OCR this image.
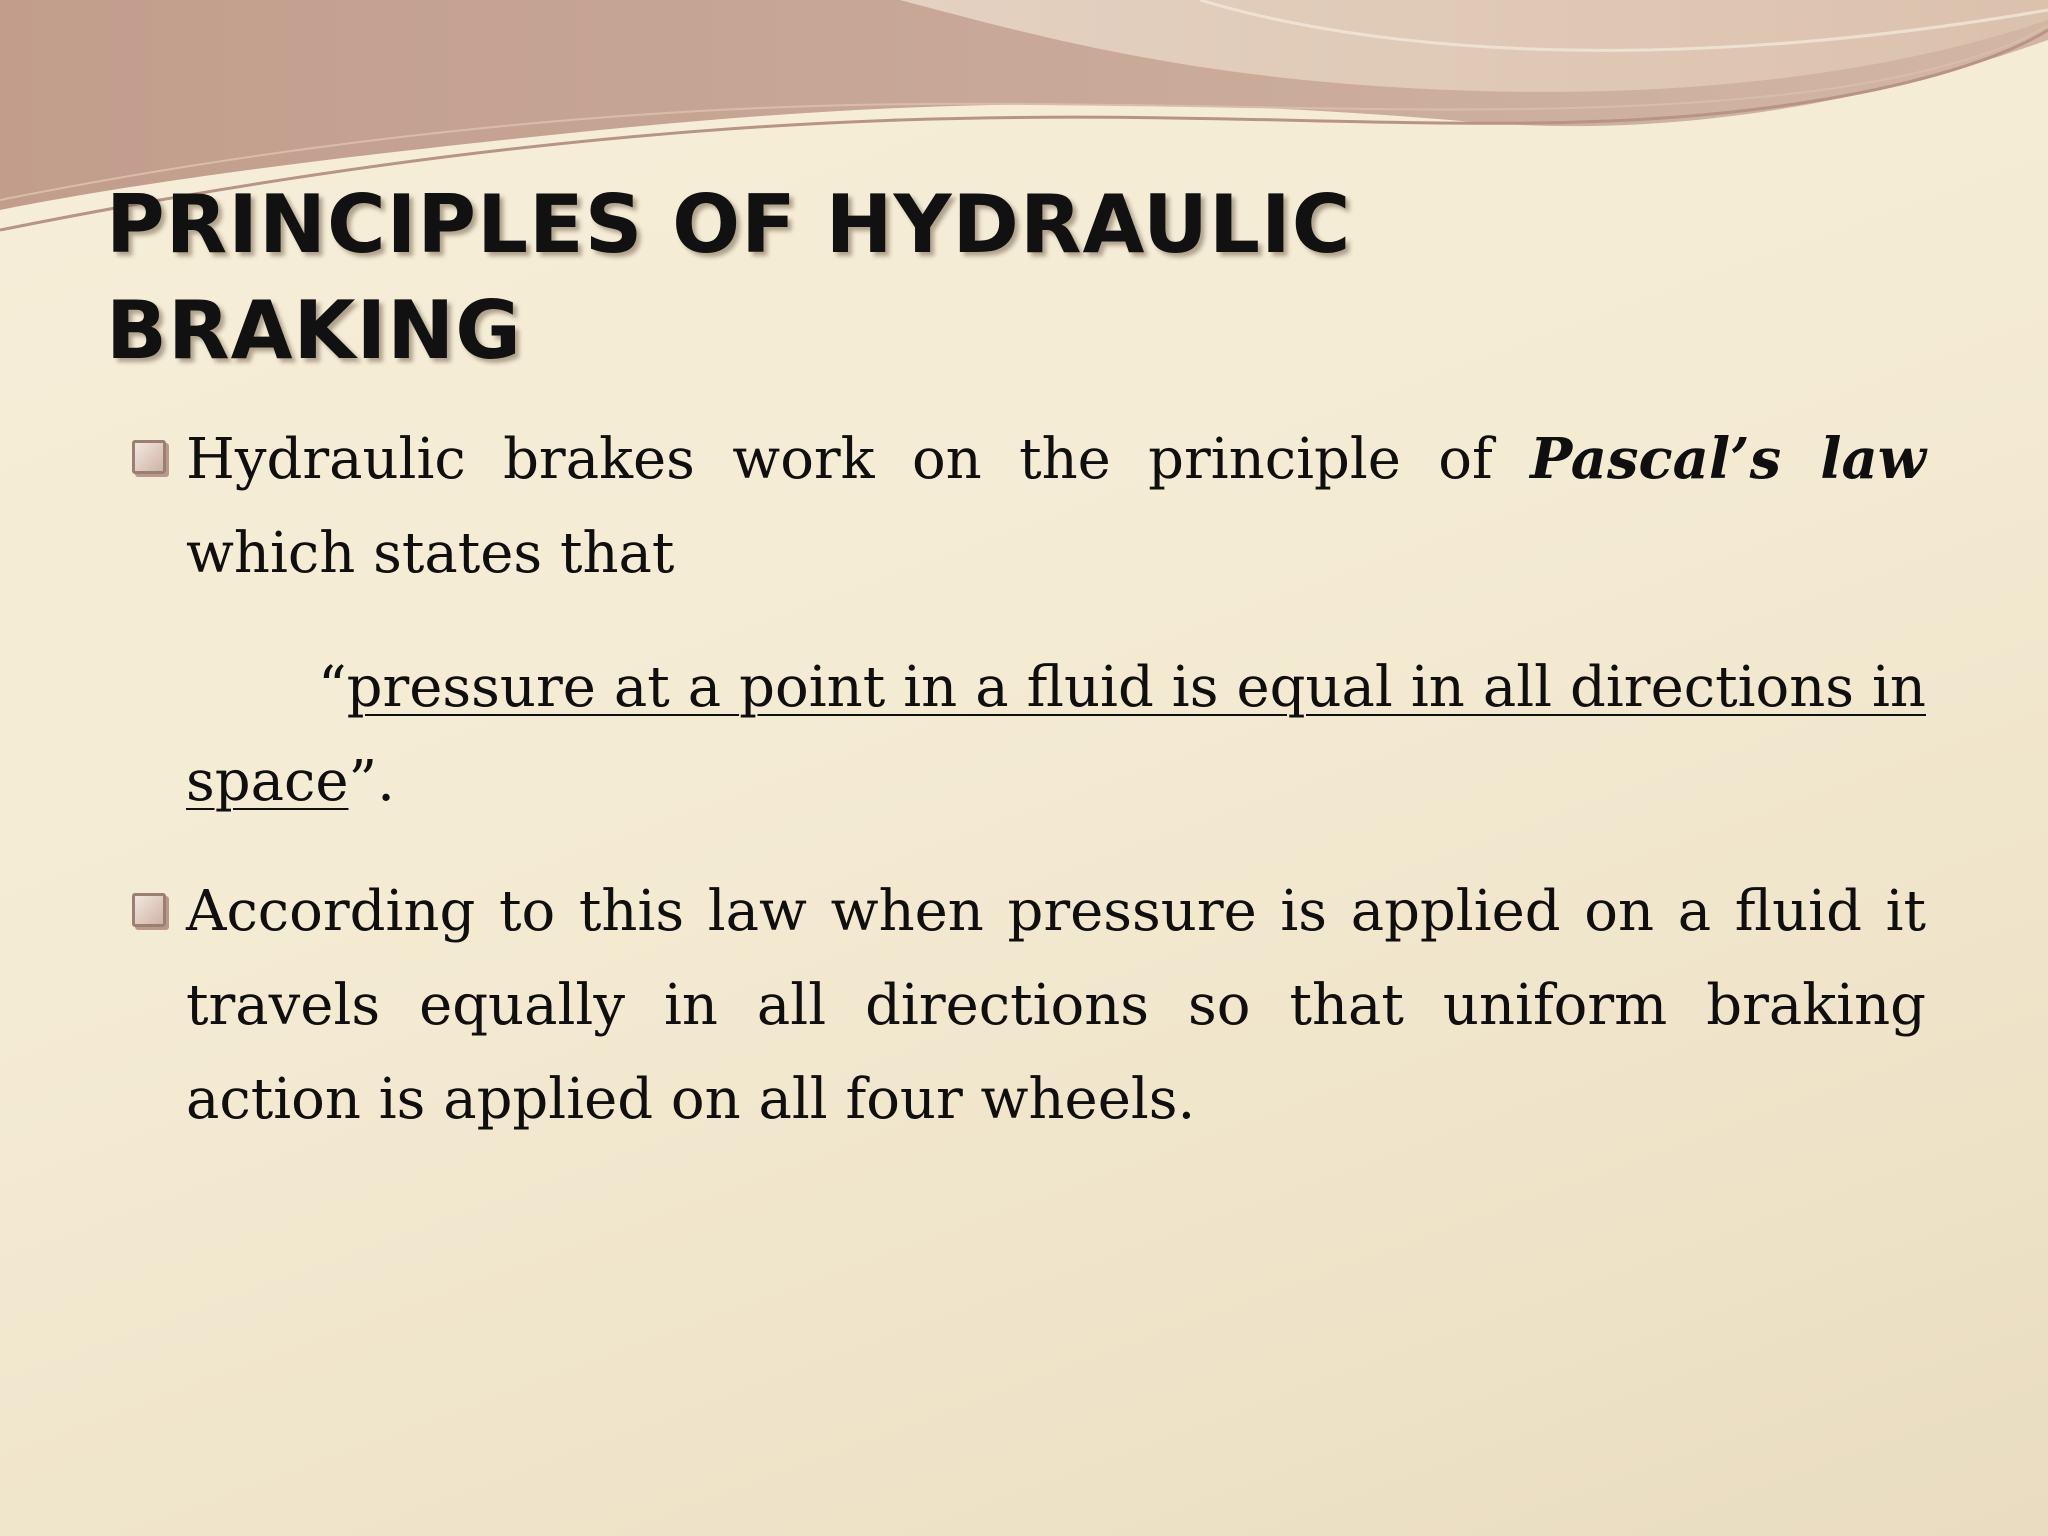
PRINCIPLES OF HYDRAULIC
BRAKING
Hydraulic brakes work on the principle of Pascal’s law which states that
“pressure at a point in a fluid is equal in all directions in space”.
According to this law when pressure is applied on a fluid it travels equally in all directions so that uniform braking action is applied on all four wheels.
